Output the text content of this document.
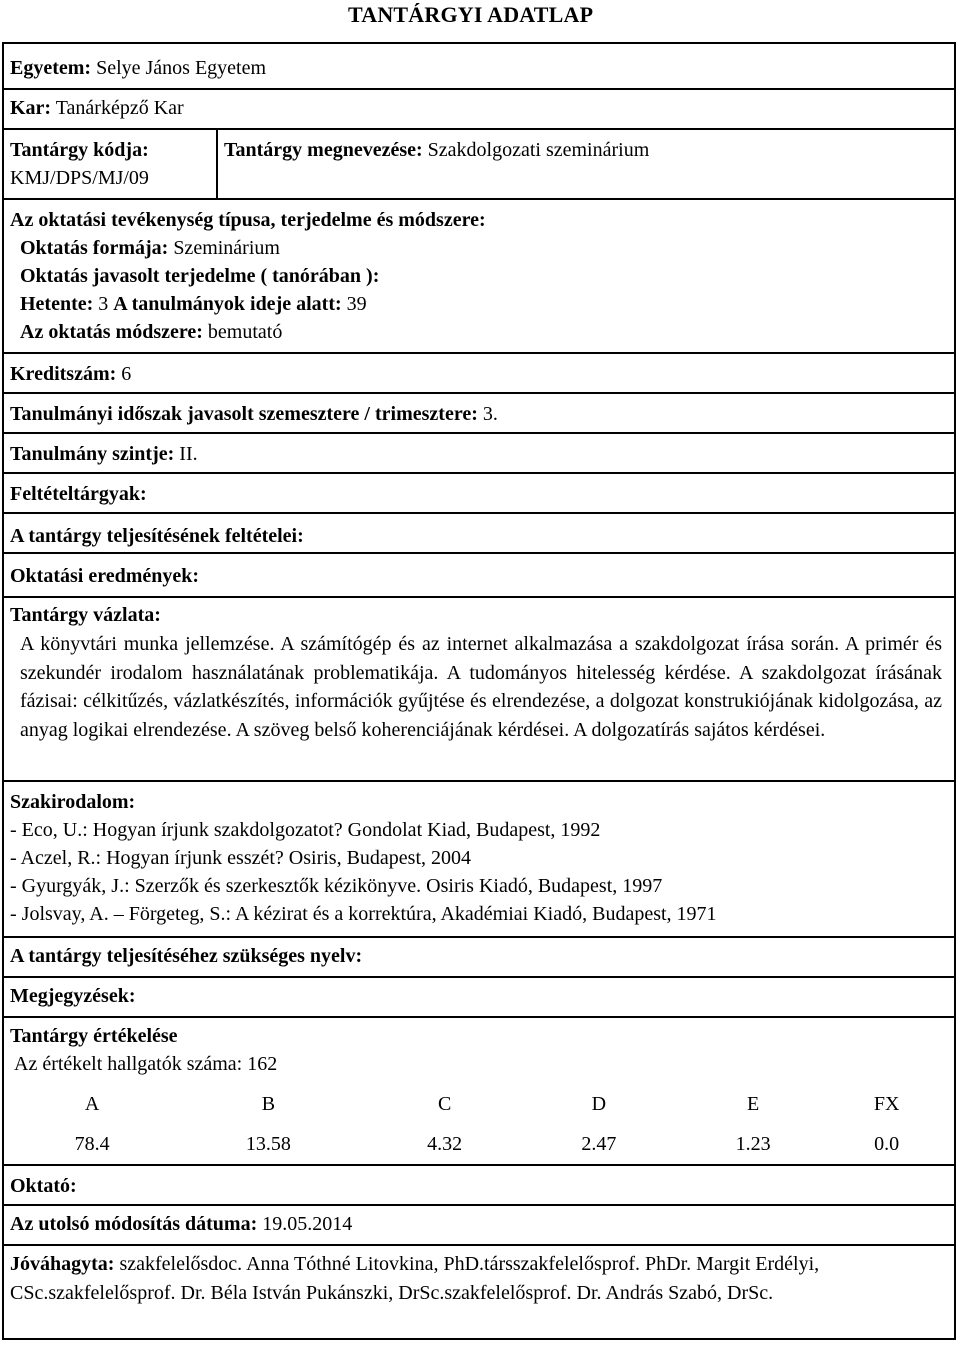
TANTÁRGYI ADATLAP
Egyetem: Selye János Egyetem
Kar: Tanárképző Kar
Tantárgy kódja:
KMJ/DPS/MJ/09
Tantárgy megnevezése: Szakdolgozati szeminárium
Az oktatási tevékenység típusa, terjedelme és módszere:
Oktatás formája: Szeminárium
Oktatás javasolt terjedelme ( tanórában ):
Hetente: 3 A tanulmányok ideje alatt: 39
Az oktatás módszere: bemutató
Kreditszám: 6
Tanulmányi időszak javasolt szemesztere / trimesztere: 3.
Tanulmány szintje: II.
Feltételtárgyak:
A tantárgy teljesítésének feltételei:
Oktatási eredmények:
Tantárgy vázlata:
A könyvtári munka jellemzése. A számítógép és az internet alkalmazása a szakdolgozat írása során. A primér és szekundér irodalom használatának problematikája. A tudományos hitelesség kérdése. A szakdolgozat írásának fázisai: célkitűzés, vázlatkészítés, információk gyűjtése és elrendezése, a dolgozat konstrukiójának kidolgozása, az anyag logikai elrendezése. A szöveg belső koherenciájának kérdései. A dolgozatírás sajátos kérdései.
Szakirodalom:
- Eco, U.: Hogyan írjunk szakdolgozatot? Gondolat Kiad, Budapest, 1992
- Aczel, R.: Hogyan írjunk esszét? Osiris, Budapest, 2004
- Gyurgyák, J.: Szerzők és szerkesztők kézikönyve. Osiris Kiadó, Budapest, 1997
- Jolsvay, A. – Förgeteg, S.: A kézirat és a korrektúra, Akadémiai Kiadó, Budapest, 1971
A tantárgy teljesítéséhez szükséges nyelv:
Megjegyzések:
Tantárgy értékelése
Az értékelt hallgatók száma: 162
A	B	C	D	E	FX
78.4	13.58	4.32	2.47	1.23	0.0
Oktató:
Az utolsó módosítás dátuma: 19.05.2014
Jóváhagyta: szakfelelősdoc. Anna Tóthné Litovkina, PhD.társszakfelelősprof. PhDr. Margit Erdélyi, CSc.szakfelelősprof. Dr. Béla István Pukánszki, DrSc.szakfelelősprof. Dr. András Szabó, DrSc.
